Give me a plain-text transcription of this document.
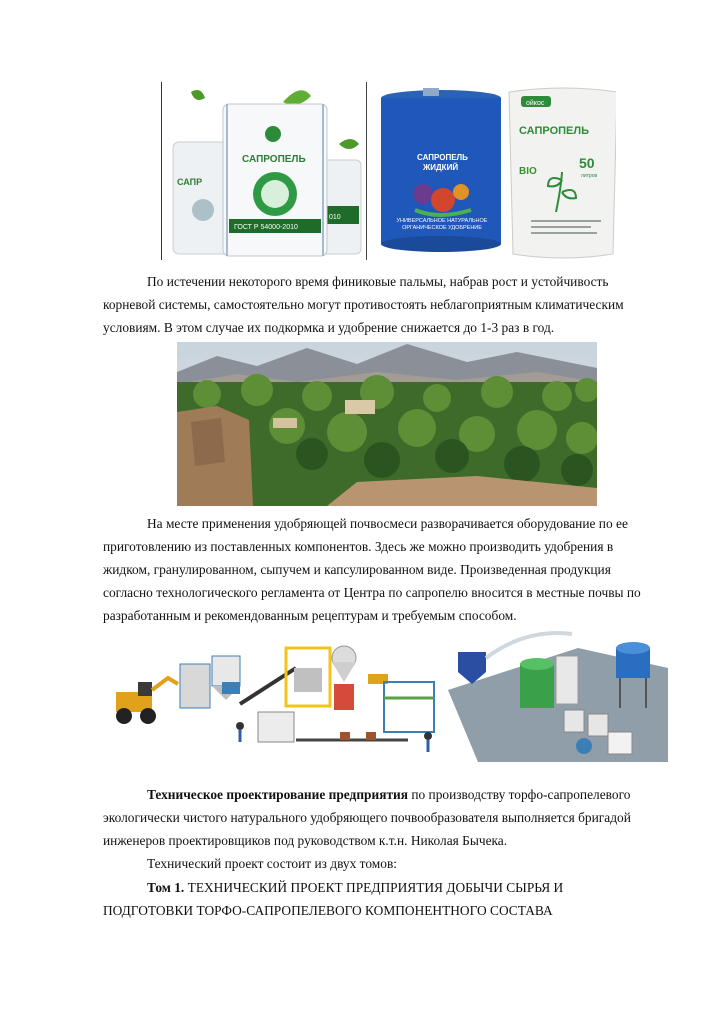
САПР
010
САПРОПЕЛЬ
ГОСТ Р 54000-2010
САПРОПЕЛЬ
ЖИДКИЙ
УНИВЕРСАЛЬНОЕ НАТУРАЛЬНОЕ ОРГАНИЧЕСКОЕ УДОБРЕНИЕ
ойкос
САПРОПЕЛЬ
BIO
50
литров

По истечении некоторого время финиковые пальмы, набрав рост и устойчивость корневой системы, самостоятельно могут противостоять неблагоприятным климатическим условиям. В этом случае их подкормка и удобрение снижается до 1-3 раз в год.

На месте применения удобряющей почвосмеси разворачивается оборудование по ее приготовлению из поставленных компонентов. Здесь же можно производить удобрения в жидком, гранулированном, сыпучем и капсулированном виде. Произведенная продукция согласно технологического регламента от Центра по сапропелю вносится в местные почвы по разработанным и рекомендованным рецептурам и требуемым способом.

Техническое проектирование предприятия по производству торфо-сапропелевого экологически чистого натурального удобряющего почвообразователя выполняется бригадой инженеров проектировщиков под руководством к.т.н. Николая Бычека.

Технический проект состоит из двух томов:

Том 1. ТЕХНИЧЕСКИЙ ПРОЕКТ ПРЕДПРИЯТИЯ ДОБЫЧИ СЫРЬЯ И ПОДГОТОВКИ ТОРФО-САПРОПЕЛЕВОГО КОМПОНЕНТНОГО СОСТАВА
